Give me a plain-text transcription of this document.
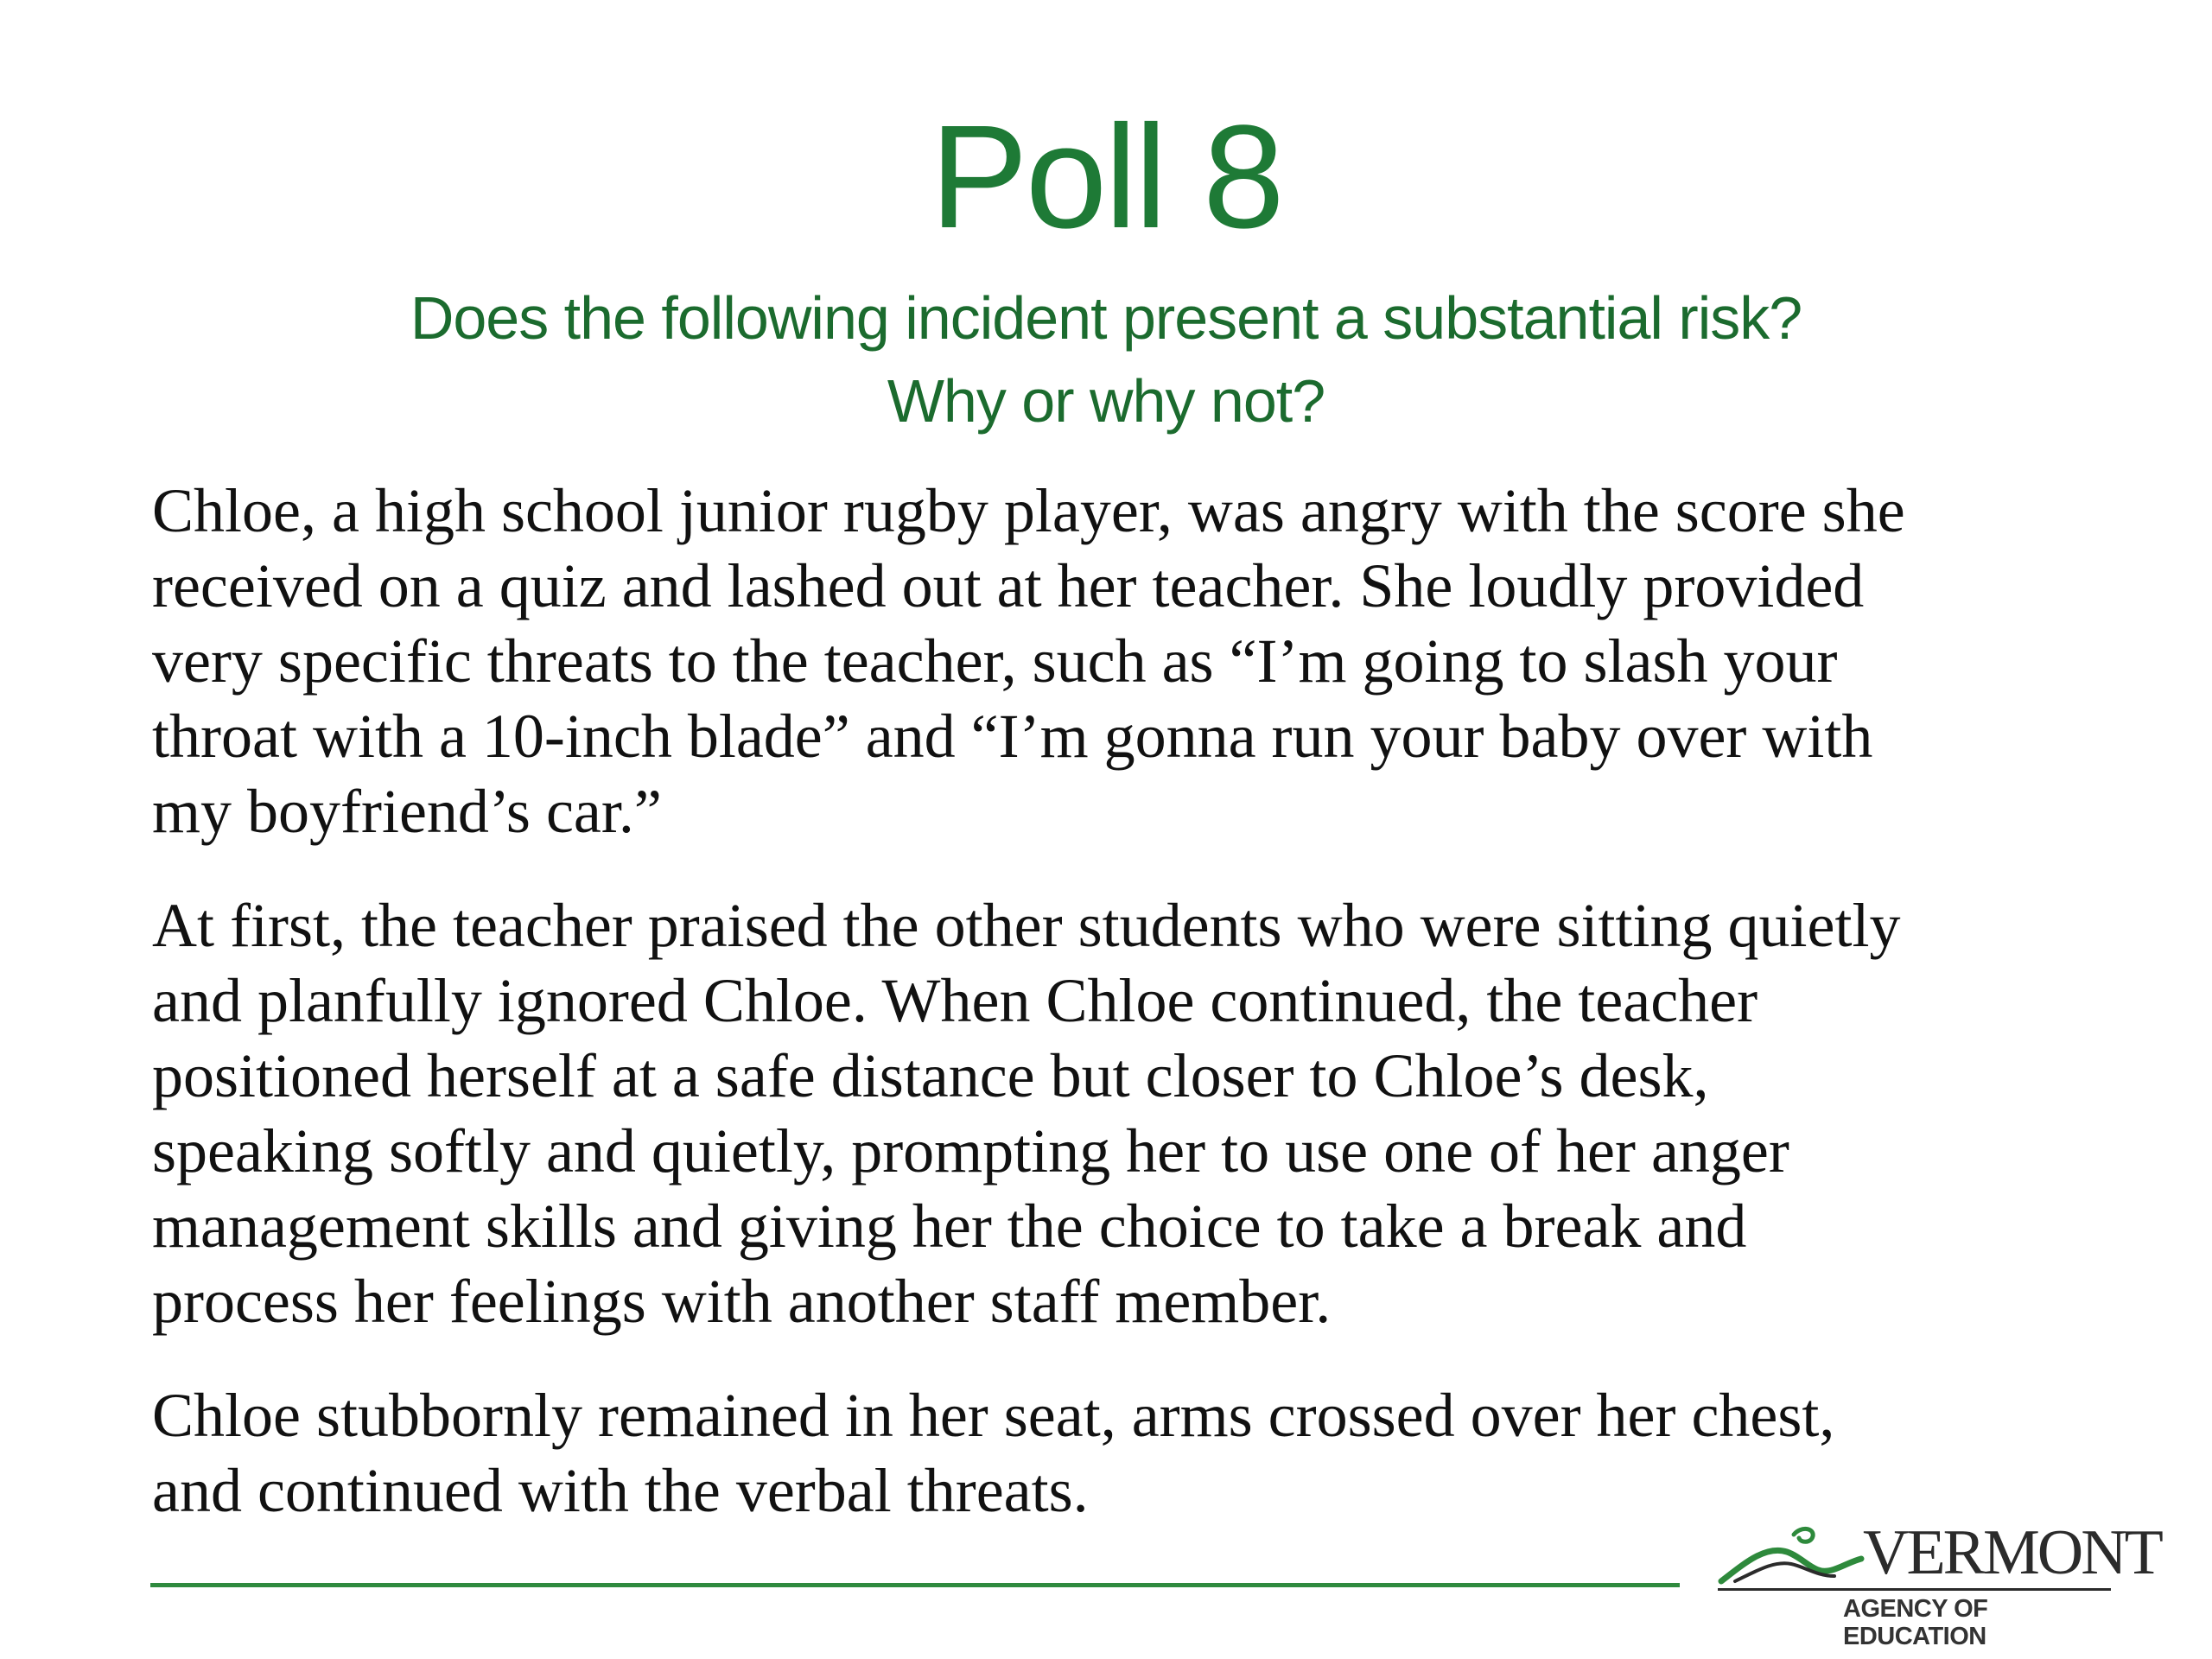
Poll 8
Does the following incident present a substantial risk?
Why or why not?

Chloe, a high school junior rugby player, was angry with the score she
received on a quiz and lashed out at her teacher. She loudly provided
very specific threats to the teacher, such as “I’m going to slash your
throat with a 10-inch blade” and “I’m gonna run your baby over with
my boyfriend’s car.”

At first, the teacher praised the other students who were sitting quietly
and planfully ignored Chloe. When Chloe continued, the teacher
positioned herself at a safe distance but closer to Chloe’s desk,
speaking softly and quietly, prompting her to use one of her anger
management skills and giving her the choice to take a break and
process her feelings with another staff member.

Chloe stubbornly remained in her seat, arms crossed over her chest,
and continued with the verbal threats.

VERMONT
AGENCY OF EDUCATION
